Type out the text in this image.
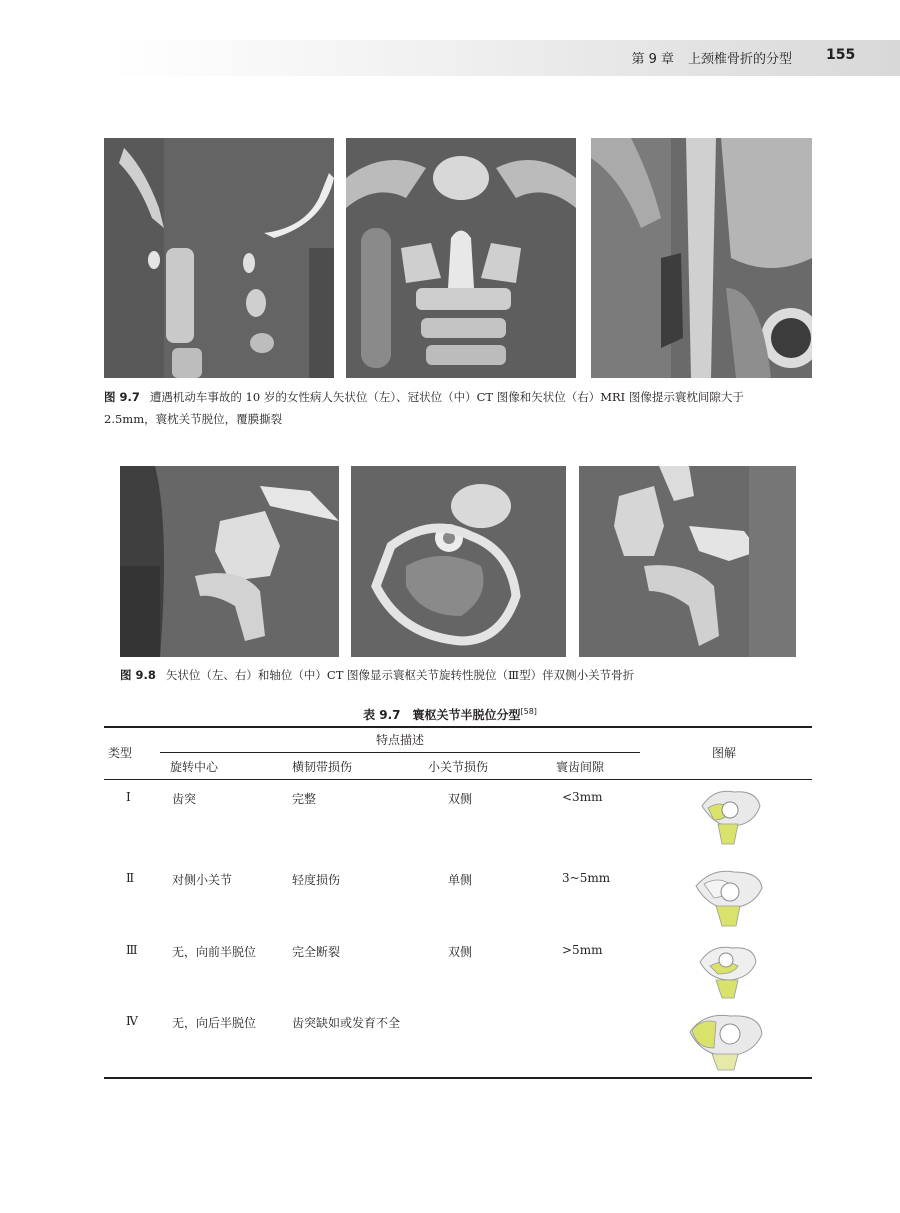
第 9 章 上颈椎骨折的分型 155
图 9.7 遭遇机动车事故的 10 岁的女性病人矢状位（左）、冠状位（中）CT 图像和矢状位（右）MRI 图像提示寰枕间隙大于
2.5mm，寰枕关节脱位，覆膜撕裂
图 9.8 矢状位（左、右）和轴位（中）CT 图像显示寰枢关节旋转性脱位（Ⅲ型）伴双侧小关节骨折
表 9.7　寰枢关节半脱位分型[58]
类型
特点描述
旋转中心	横韧带损伤	小关节损伤	寰齿间隙
图解
Ⅰ	齿突	完整	双侧	<3mm
Ⅱ	对侧小关节	轻度损伤	单侧	3~5mm
Ⅲ	无，向前半脱位	完全断裂	双侧	>5mm
Ⅳ	无，向后半脱位	齿突缺如或发育不全
